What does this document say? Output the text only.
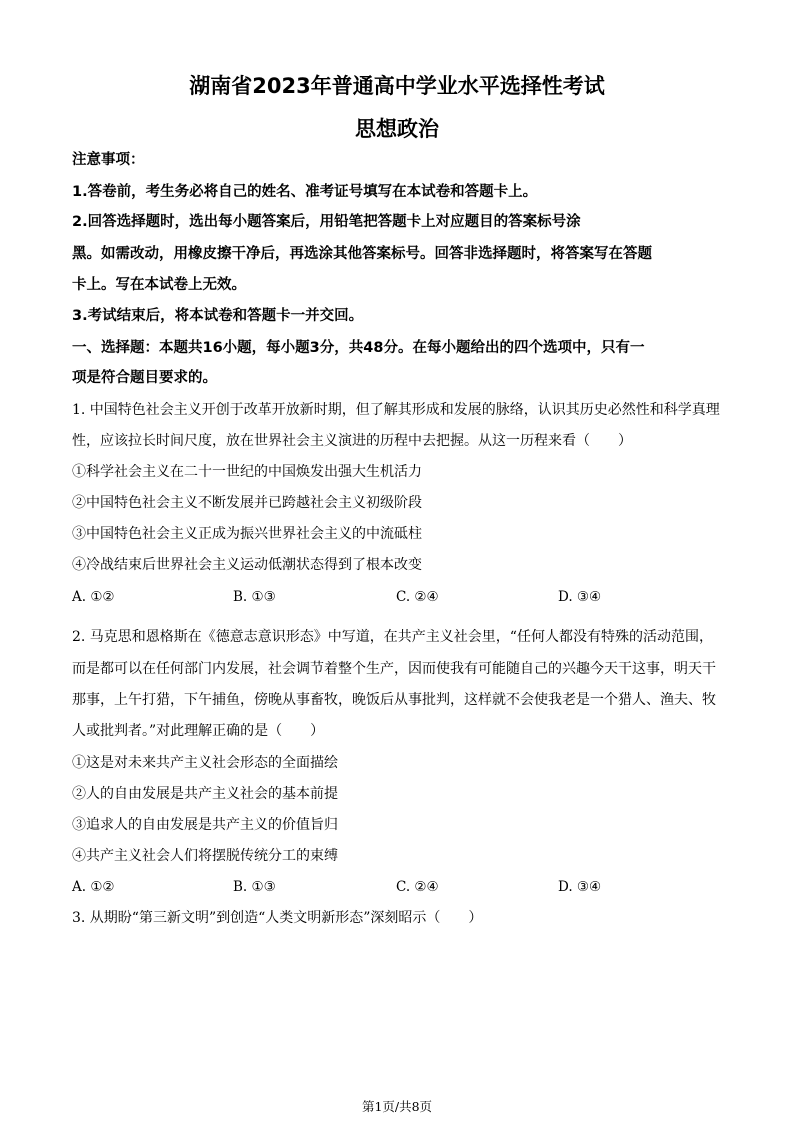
湖南省2023年普通高中学业水平选择性考试
思想政治
注意事项：
1.答卷前，考生务必将自己的姓名、准考证号填写在本试卷和答题卡上。
2.回答选择题时，选出每小题答案后，用铅笔把答题卡上对应题目的答案标号涂
黑。如需改动，用橡皮擦干净后，再选涂其他答案标号。回答非选择题时，将答案写在答题
卡上。写在本试卷上无效。
3.考试结束后，将本试卷和答题卡一并交回。
一、选择题：本题共16小题，每小题3分，共48分。在每小题给出的四个选项中，只有一
项是符合题目要求的。
1. 中国特色社会主义开创于改革开放新时期，但了解其形成和发展的脉络，认识其历史必然性和科学真理
性，应该拉长时间尺度，放在世界社会主义演进的历程中去把握。从这一历程来看（　　）
①科学社会主义在二十一世纪的中国焕发出强大生机活力
②中国特色社会主义不断发展并已跨越社会主义初级阶段
③中国特色社会主义正成为振兴世界社会主义的中流砥柱
④冷战结束后世界社会主义运动低潮状态得到了根本改变
A. ①②	B. ①③	C. ②④	D. ③④
2. 马克思和恩格斯在《德意志意识形态》中写道，在共产主义社会里，“任何人都没有特殊的活动范围，
而是都可以在任何部门内发展，社会调节着整个生产，因而使我有可能随自己的兴趣今天干这事，明天干
那事，上午打猎，下午捕鱼，傍晚从事畜牧，晚饭后从事批判，这样就不会使我老是一个猎人、渔夫、牧
人或批判者。”对此理解正确的是（　　）
①这是对未来共产主义社会形态的全面描绘
②人的自由发展是共产主义社会的基本前提
③追求人的自由发展是共产主义的价值旨归
④共产主义社会人们将摆脱传统分工的束缚
A. ①②	B. ①③	C. ②④	D. ③④
3. 从期盼“第三新文明”到创造“人类文明新形态”深刻昭示（　　）
第1页/共8页
